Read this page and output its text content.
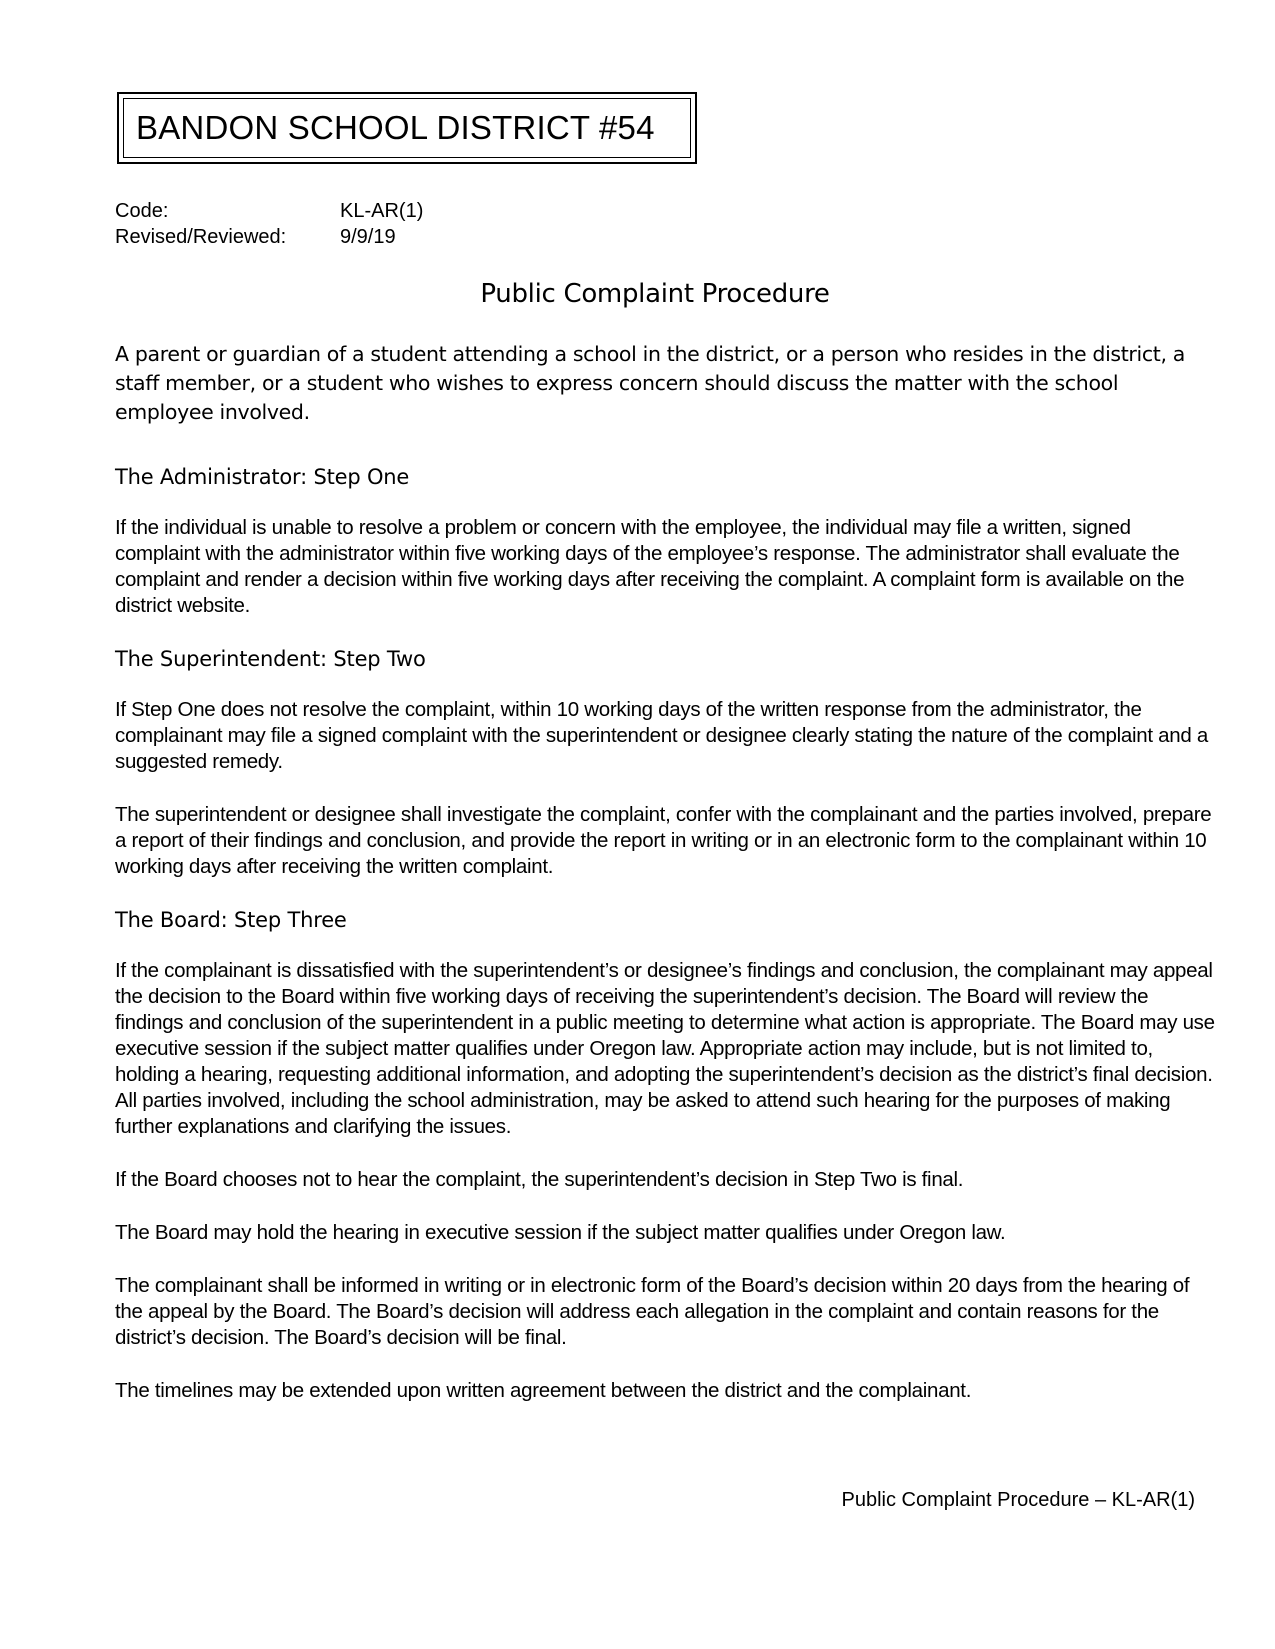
BANDON SCHOOL DISTRICT #54
Code:	KL-AR(1)
Revised/Reviewed:	9/9/19
Public Complaint Procedure

A parent or guardian of a student attending a school in the district, or a person who resides in the district, a staff member, or a student who wishes to express concern should discuss the matter with the school employee involved.

The Administrator: Step One

If the individual is unable to resolve a problem or concern with the employee, the individual may file a written, signed complaint with the administrator within five working days of the employee’s response. The administrator shall evaluate the complaint and render a decision within five working days after receiving the complaint. A complaint form is available on the district website.

The Superintendent: Step Two

If Step One does not resolve the complaint, within 10 working days of the written response from the administrator, the complainant may file a signed complaint with the superintendent or designee clearly stating the nature of the complaint and a suggested remedy.

The superintendent or designee shall investigate the complaint, confer with the complainant and the parties involved, prepare a report of their findings and conclusion, and provide the report in writing or in an electronic form to the complainant within 10 working days after receiving the written complaint.

The Board: Step Three

If the complainant is dissatisfied with the superintendent’s or designee’s findings and conclusion, the complainant may appeal the decision to the Board within five working days of receiving the superintendent’s decision. The Board will review the findings and conclusion of the superintendent in a public meeting to determine what action is appropriate. The Board may use executive session if the subject matter qualifies under Oregon law. Appropriate action may include, but is not limited to, holding a hearing, requesting additional information, and adopting the superintendent’s decision as the district’s final decision. All parties involved, including the school administration, may be asked to attend such hearing for the purposes of making further explanations and clarifying the issues.

If the Board chooses not to hear the complaint, the superintendent’s decision in Step Two is final.

The Board may hold the hearing in executive session if the subject matter qualifies under Oregon law.

The complainant shall be informed in writing or in electronic form of the Board’s decision within 20 days from the hearing of the appeal by the Board. The Board’s decision will address each allegation in the complaint and contain reasons for the district’s decision. The Board’s decision will be final.

The timelines may be extended upon written agreement between the district and the complainant.

Public Complaint Procedure – KL-AR(1)
